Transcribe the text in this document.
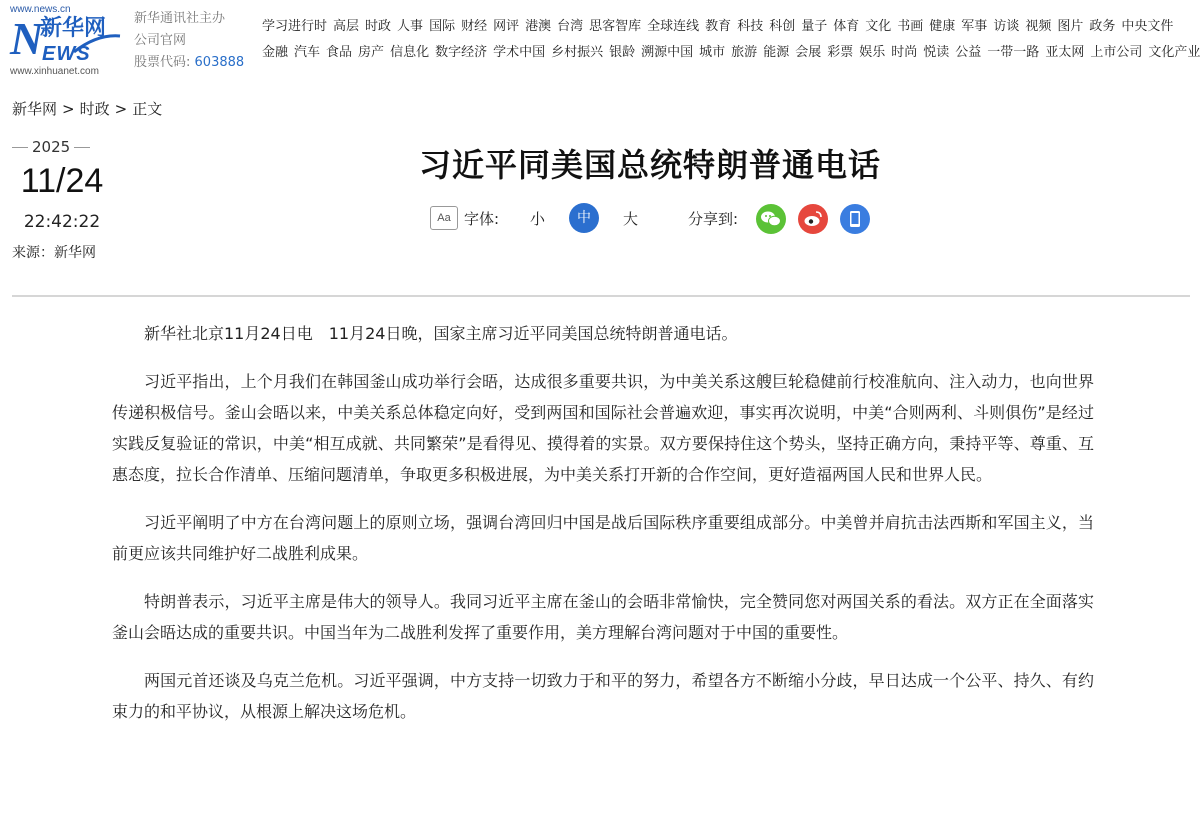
www.news.cn
N
新华网
EWS
www.xinhuanet.com
新华通讯社主办
公司官网
股票代码: 603888
学习进行时 高层 时政 人事 国际 财经 网评 港澳 台湾 思客智库 全球连线 教育 科技 科创 量子 体育 文化 书画 健康 军事 访谈 视频 图片 政务 中央文件
金融 汽车 食品 房产 信息化 数字经济 学术中国 乡村振兴 银龄 溯源中国 城市 旅游 能源 会展 彩票 娱乐 时尚 悦读 公益 一带一路 亚太网 上市公司 文化产业
新华网 > 时政 > 正文
2025
11/24
22:42:22
来源：新华网
习近平同美国总统特朗普通电话
Aa 字体: 小	中	大	分享到:

新华社北京11月24日电　11月24日晚，国家主席习近平同美国总统特朗普通电话。

习近平指出，上个月我们在韩国釜山成功举行会晤，达成很多重要共识，为中美关系这艘巨轮稳健前行校准航向、注入动力，也向世界传递积极信号。釜山会晤以来，中美关系总体稳定向好，受到两国和国际社会普遍欢迎，事实再次说明，中美“合则两利、斗则俱伤”是经过实践反复验证的常识，中美“相互成就、共同繁荣”是看得见、摸得着的实景。双方要保持住这个势头，坚持正确方向，秉持平等、尊重、互惠态度，拉长合作清单、压缩问题清单，争取更多积极进展，为中美关系打开新的合作空间，更好造福两国人民和世界人民。

习近平阐明了中方在台湾问题上的原则立场，强调台湾回归中国是战后国际秩序重要组成部分。中美曾并肩抗击法西斯和军国主义，当前更应该共同维护好二战胜利成果。

特朗普表示，习近平主席是伟大的领导人。我同习近平主席在釜山的会晤非常愉快，完全赞同您对两国关系的看法。双方正在全面落实釜山会晤达成的重要共识。中国当年为二战胜利发挥了重要作用，美方理解台湾问题对于中国的重要性。

两国元首还谈及乌克兰危机。习近平强调，中方支持一切致力于和平的努力，希望各方不断缩小分歧，早日达成一个公平、持久、有约束力的和平协议，从根源上解决这场危机。
